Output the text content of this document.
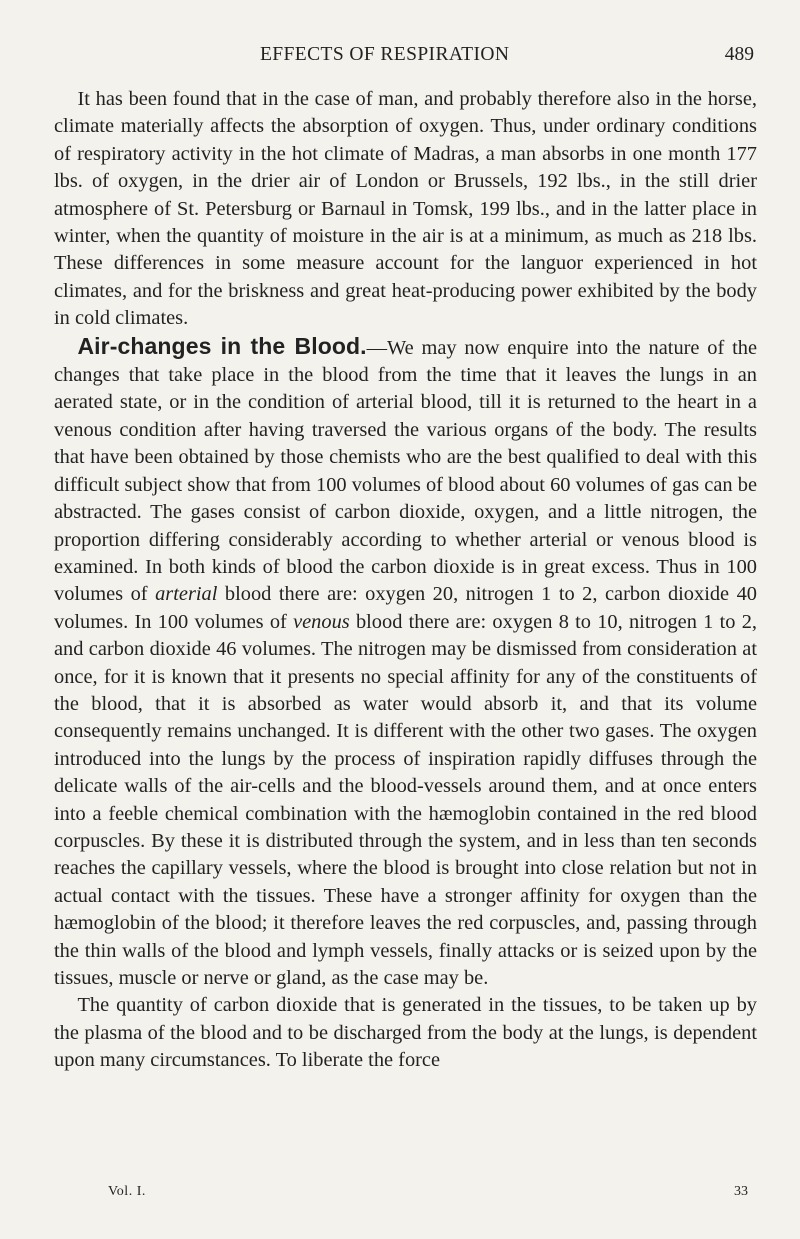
EFFECTS OF RESPIRATION	489

It has been found that in the case of man, and probably therefore also in the horse, climate materially affects the absorption of oxygen. Thus, under ordinary conditions of respiratory activity in the hot climate of Madras, a man absorbs in one month 177 lbs. of oxygen, in the drier air of London or Brussels, 192 lbs., in the still drier atmosphere of St. Petersburg or Barnaul in Tomsk, 199 lbs., and in the latter place in winter, when the quantity of moisture in the air is at a minimum, as much as 218 lbs. These differences in some measure account for the languor experienced in hot climates, and for the briskness and great heat-producing power exhibited by the body in cold climates.

Air-changes in the Blood.—We may now enquire into the nature of the changes that take place in the blood from the time that it leaves the lungs in an aerated state, or in the condition of arterial blood, till it is returned to the heart in a venous condition after having traversed the various organs of the body. The results that have been obtained by those chemists who are the best qualified to deal with this difficult subject show that from 100 volumes of blood about 60 volumes of gas can be abstracted. The gases consist of carbon dioxide, oxygen, and a little nitrogen, the proportion differing considerably according to whether arterial or venous blood is examined. In both kinds of blood the carbon dioxide is in great excess. Thus in 100 volumes of arterial blood there are: oxygen 20, nitrogen 1 to 2, carbon dioxide 40 volumes. In 100 volumes of venous blood there are: oxygen 8 to 10, nitrogen 1 to 2, and carbon dioxide 46 volumes. The nitrogen may be dismissed from consideration at once, for it is known that it presents no special affinity for any of the constituents of the blood, that it is absorbed as water would absorb it, and that its volume consequently remains unchanged. It is different with the other two gases. The oxygen introduced into the lungs by the process of inspiration rapidly diffuses through the delicate walls of the air-cells and the blood-vessels around them, and at once enters into a feeble chemical combination with the hæmoglobin contained in the red blood corpuscles. By these it is distributed through the system, and in less than ten seconds reaches the capillary vessels, where the blood is brought into close relation but not in actual contact with the tissues. These have a stronger affinity for oxygen than the hæmoglobin of the blood; it therefore leaves the red corpuscles, and, passing through the thin walls of the blood and lymph vessels, finally attacks or is seized upon by the tissues, muscle or nerve or gland, as the case may be.

The quantity of carbon dioxide that is generated in the tissues, to be taken up by the plasma of the blood and to be discharged from the body at the lungs, is dependent upon many circumstances. To liberate the force

Vol. I.	33
